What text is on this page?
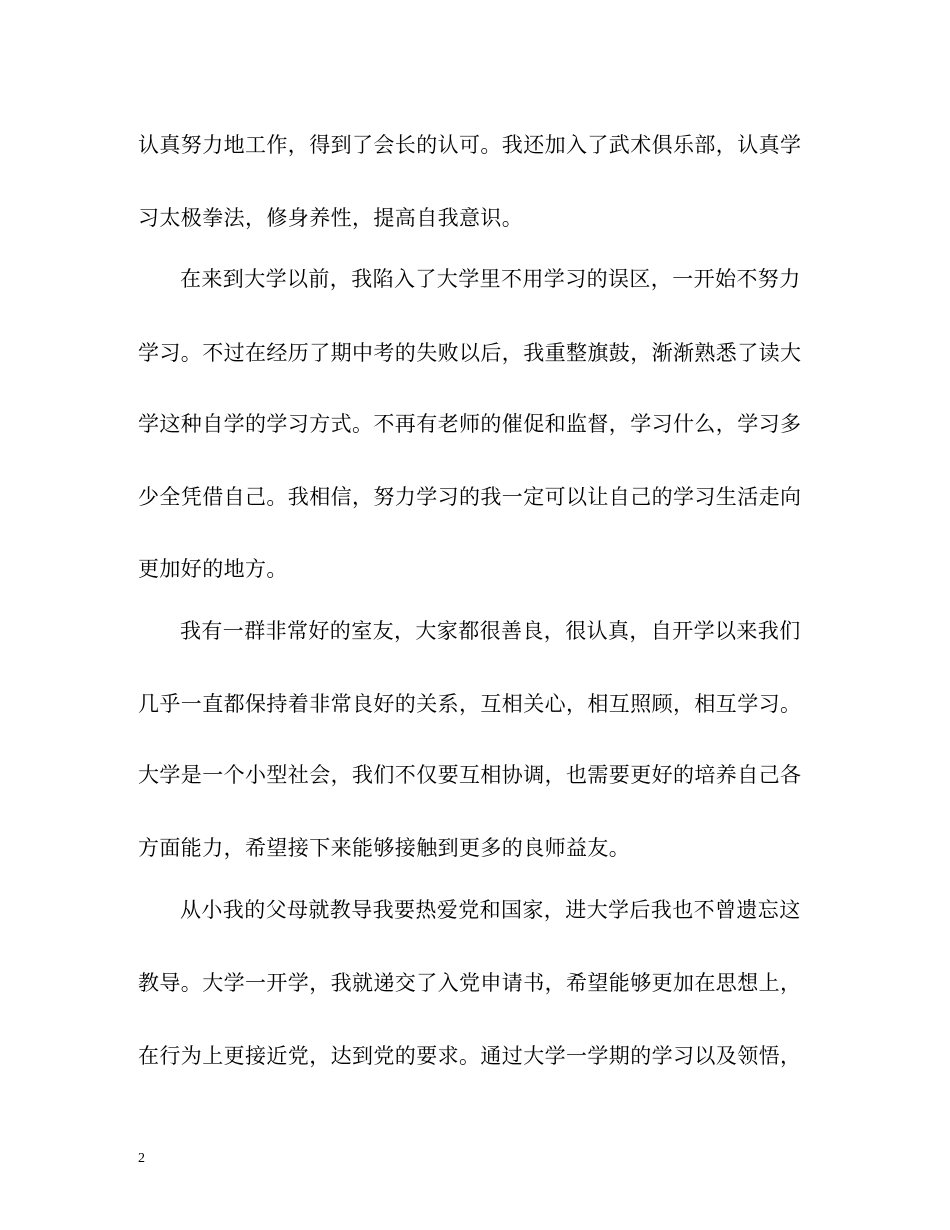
认真努力地工作，得到了会长的认可。我还加入了武术俱乐部，认真学
习太极拳法，修身养性，提高自我意识。
在来到大学以前，我陷入了大学里不用学习的误区，一开始不努力
学习。不过在经历了期中考的失败以后，我重整旗鼓，渐渐熟悉了读大
学这种自学的学习方式。不再有老师的催促和监督，学习什么，学习多
少全凭借自己。我相信，努力学习的我一定可以让自己的学习生活走向
更加好的地方。
我有一群非常好的室友，大家都很善良，很认真，自开学以来我们
几乎一直都保持着非常良好的关系，互相关心，相互照顾，相互学习。
大学是一个小型社会，我们不仅要互相协调，也需要更好的培养自己各
方面能力，希望接下来能够接触到更多的良师益友。
从小我的父母就教导我要热爱党和国家，进大学后我也不曾遗忘这
教导。大学一开学，我就递交了入党申请书，希望能够更加在思想上，
在行为上更接近党，达到党的要求。通过大学一学期的学习以及领悟，
2
